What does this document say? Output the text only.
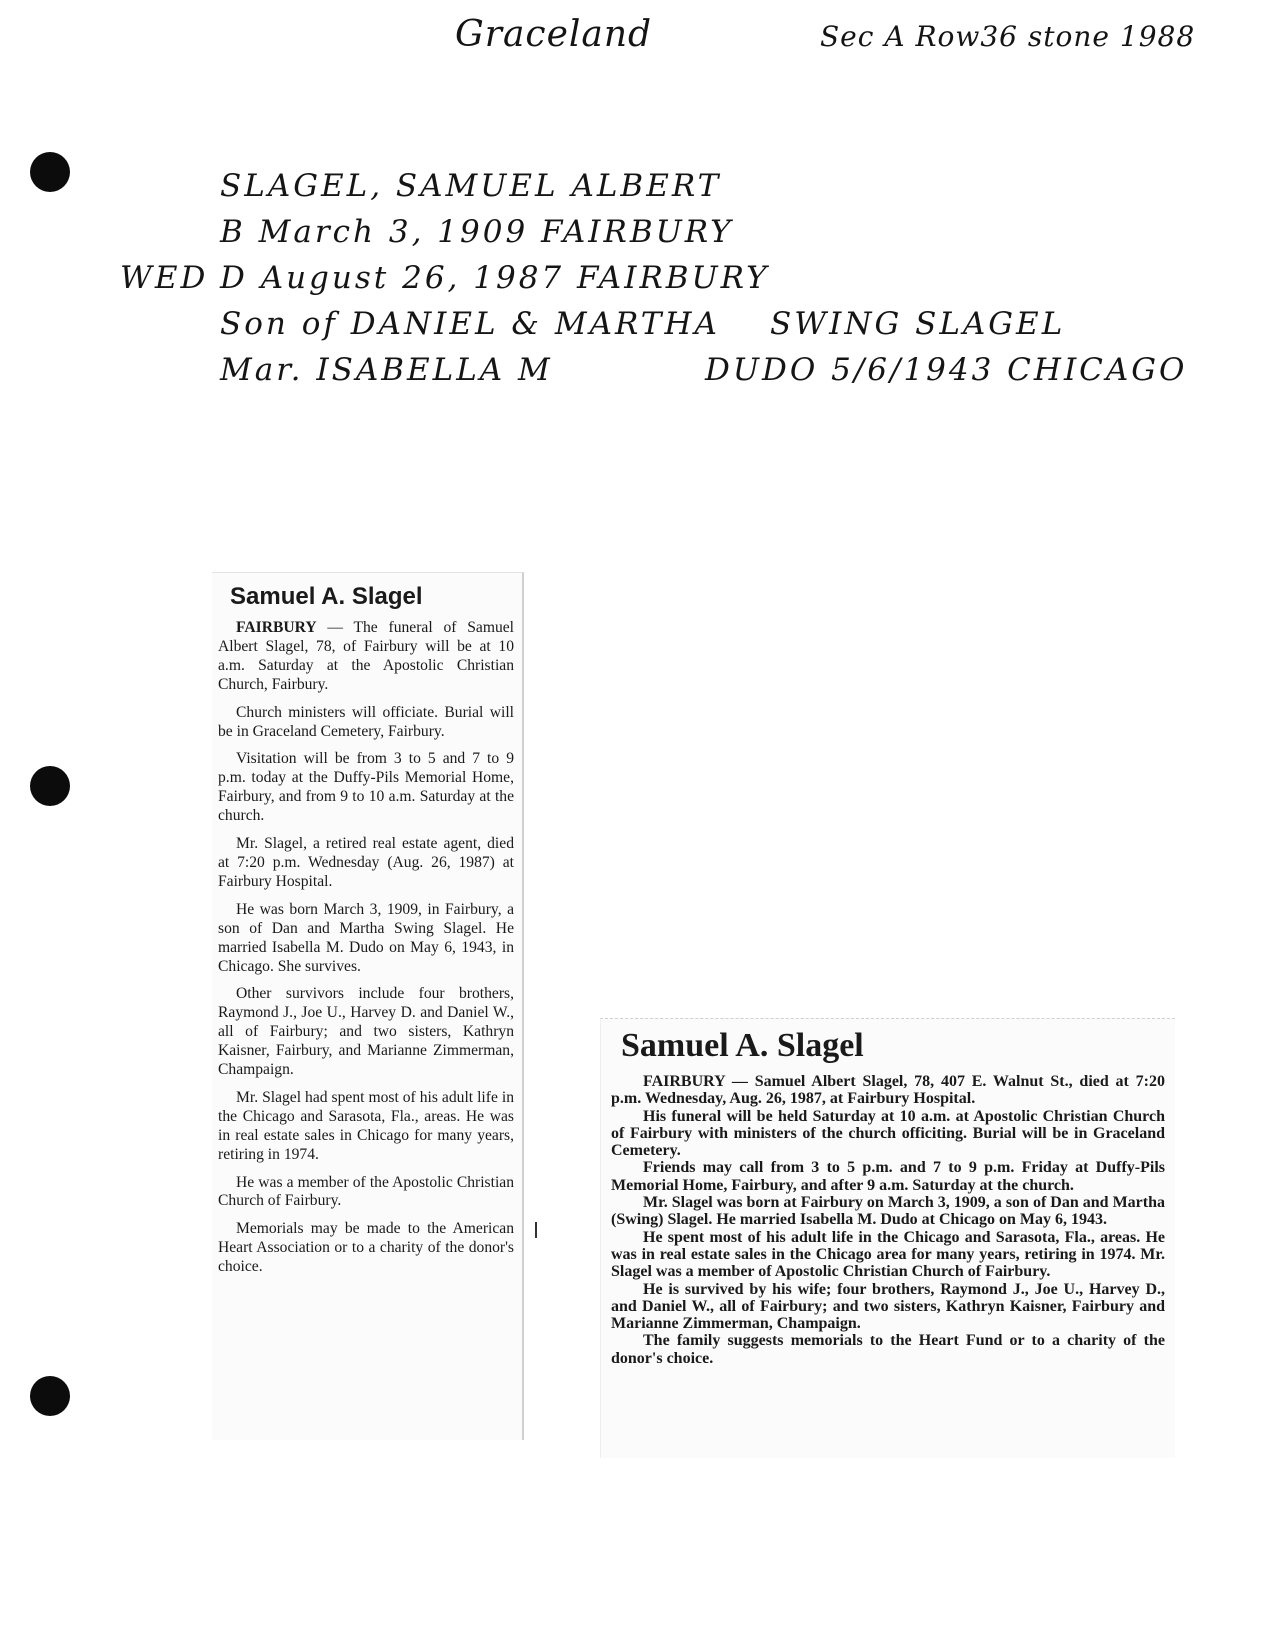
Graceland	Sec A Row36 stone 1988
SLAGEL, SAMUEL ALBERT
B March 3, 1909 FAIRBURY
WED D August 26, 1987 FAIRBURY
Son of DANIEL & MARTHA SWING SLAGEL
Mar. ISABELLA M	DUDO 5/6/1943 CHICAGO
Samuel A. Slagel

FAIRBURY — The funeral of Samuel Albert Slagel, 78, of Fairbury will be at 10 a.m. Saturday at the Apostolic Christian Church, Fairbury.

Church ministers will officiate. Burial will be in Graceland Cemetery, Fairbury.

Visitation will be from 3 to 5 and 7 to 9 p.m. today at the Duffy-Pils Memorial Home, Fairbury, and from 9 to 10 a.m. Saturday at the church.

Mr. Slagel, a retired real estate agent, died at 7:20 p.m. Wednesday (Aug. 26, 1987) at Fairbury Hospital.

He was born March 3, 1909, in Fairbury, a son of Dan and Martha Swing Slagel. He married Isabella M. Dudo on May 6, 1943, in Chicago. She survives.

Other survivors include four brothers, Raymond J., Joe U., Harvey D. and Daniel W., all of Fairbury; and two sisters, Kathryn Kaisner, Fairbury, and Marianne Zimmerman, Champaign.

Mr. Slagel had spent most of his adult life in the Chicago and Sarasota, Fla., areas. He was in real estate sales in Chicago for many years, retiring in 1974.

He was a member of the Apostolic Christian Church of Fairbury.

Memorials may be made to the American Heart Association or to a charity of the donor's choice.

Samuel A. Slagel

FAIRBURY — Samuel Albert Slagel, 78, 407 E. Walnut St., died at 7:20 p.m. Wednesday, Aug. 26, 1987, at Fairbury Hospital.

His funeral will be held Saturday at 10 a.m. at Apostolic Christian Church of Fairbury with ministers of the church officiting. Burial will be in Graceland Cemetery.

Friends may call from 3 to 5 p.m. and 7 to 9 p.m. Friday at Duffy-Pils Memorial Home, Fairbury, and after 9 a.m. Saturday at the church.

Mr. Slagel was born at Fairbury on March 3, 1909, a son of Dan and Martha (Swing) Slagel. He married Isabella M. Dudo at Chicago on May 6, 1943.

He spent most of his adult life in the Chicago and Sarasota, Fla., areas. He was in real estate sales in the Chicago area for many years, retiring in 1974. Mr. Slagel was a member of Apostolic Christian Church of Fairbury.

He is survived by his wife; four brothers, Raymond J., Joe U., Harvey D., and Daniel W., all of Fairbury; and two sisters, Kathryn Kaisner, Fairbury and Marianne Zimmerman, Champaign.

The family suggests memorials to the Heart Fund or to a charity of the donor's choice.
